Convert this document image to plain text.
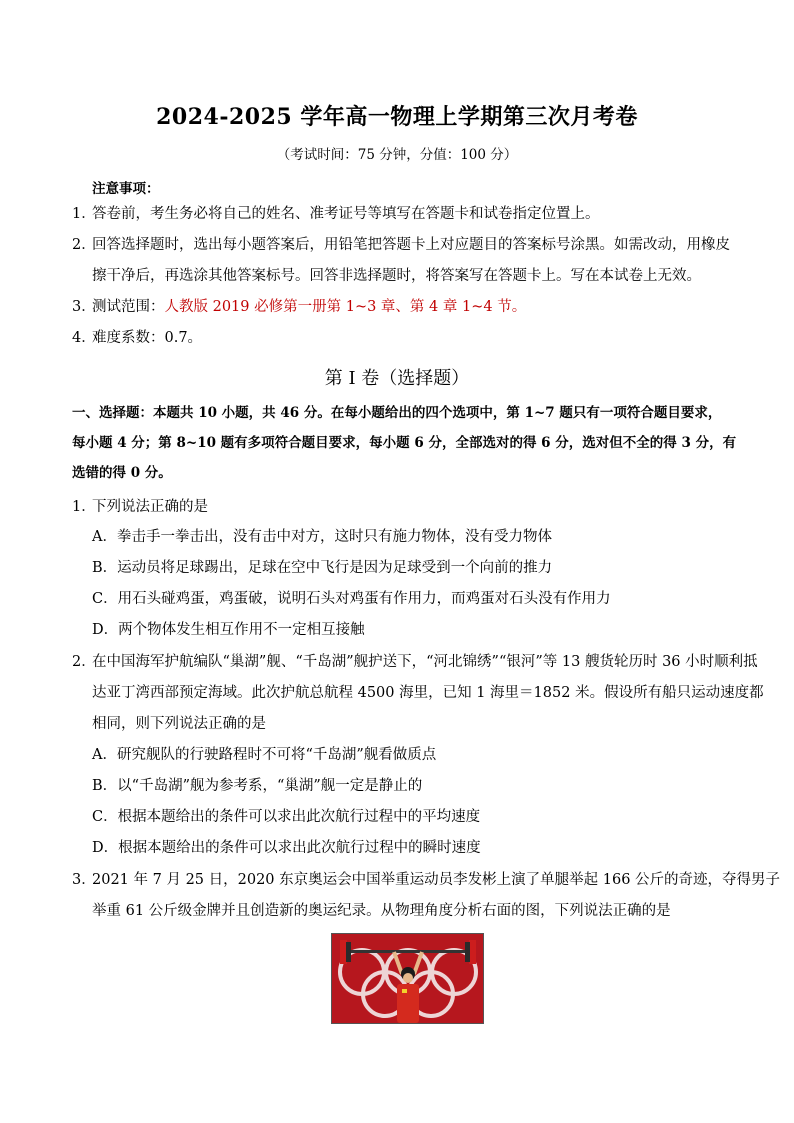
2024-2025 学年高一物理上学期第三次月考卷
（考试时间：75 分钟，分值：100 分）
注意事项：
1．答卷前，考生务必将自己的姓名、准考证号等填写在答题卡和试卷指定位置上。
2．回答选择题时，选出每小题答案后，用铅笔把答题卡上对应题目的答案标号涂黑。如需改动，用橡皮
擦干净后，再选涂其他答案标号。回答非选择题时，将答案写在答题卡上。写在本试卷上无效。
3．测试范围：人教版 2019 必修第一册第 1~3 章、第 4 章 1~4 节。
4．难度系数：0.7。
第 I 卷（选择题）
一、选择题：本题共 10 小题，共 46 分。在每小题给出的四个选项中，第 1~7 题只有一项符合题目要求，
每小题 4 分；第 8~10 题有多项符合题目要求，每小题 6 分，全部选对的得 6 分，选对但不全的得 3 分，有
选错的得 0 分。
1．下列说法正确的是
A．拳击手一拳击出，没有击中对方，这时只有施力物体，没有受力物体
B．运动员将足球踢出，足球在空中飞行是因为足球受到一个向前的推力
C．用石头碰鸡蛋，鸡蛋破，说明石头对鸡蛋有作用力，而鸡蛋对石头没有作用力
D．两个物体发生相互作用不一定相互接触
2．在中国海军护航编队“巢湖”舰、“千岛湖”舰护送下，“河北锦绣”“银河”等 13 艘货轮历时 36 小时顺利抵
达亚丁湾西部预定海域。此次护航总航程 4500 海里，已知 1 海里＝1852 米。假设所有船只运动速度都
相同，则下列说法正确的是
A．研究舰队的行驶路程时不可将“千岛湖”舰看做质点
B．以“千岛湖”舰为参考系，“巢湖”舰一定是静止的
C．根据本题给出的条件可以求出此次航行过程中的平均速度
D．根据本题给出的条件可以求出此次航行过程中的瞬时速度
3．2021 年 7 月 25 日，2020 东京奥运会中国举重运动员李发彬上演了单腿举起 166 公斤的奇迹，夺得男子
举重 61 公斤级金牌并且创造新的奥运纪录。从物理角度分析右面的图，下列说法正确的是
